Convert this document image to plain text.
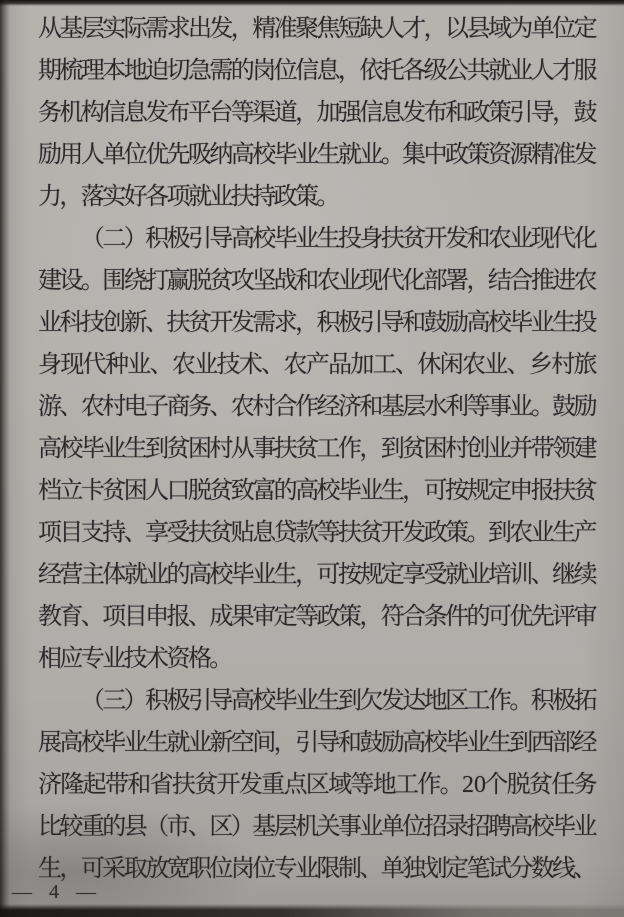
从
基
层
实
际
需
求
出
发
，
精
准
聚
焦
短
缺
人
才
，
以
县
域
为
单
位
定
期
梳
理
本
地
迫
切
急
需
的
岗
位
信
息
，
依
托
各
级
公
共
就
业
人
才
服
务
机
构
信
息
发
布
平
台
等
渠
道
，
加
强
信
息
发
布
和
政
策
引
导
，
鼓
励
用
人
单
位
优
先
吸
纳
高
校
毕
业
生
就
业
。
集
中
政
策
资
源
精
准
发
力
，
落
实
好
各
项
就
业
扶
持
政
策
。
（
二
）
积
极
引
导
高
校
毕
业
生
投
身
扶
贫
开
发
和
农
业
现
代
化
建
设
。
围
绕
打
赢
脱
贫
攻
坚
战
和
农
业
现
代
化
部
署
，
结
合
推
进
农
业
科
技
创
新
、
扶
贫
开
发
需
求
，
积
极
引
导
和
鼓
励
高
校
毕
业
生
投
身
现
代
种
业
、
农
业
技
术
、
农
产
品
加
工
、
休
闲
农
业
、
乡
村
旅
游
、
农
村
电
子
商
务
、
农
村
合
作
经
济
和
基
层
水
利
等
事
业
。
鼓
励
高
校
毕
业
生
到
贫
困
村
从
事
扶
贫
工
作
，
到
贫
困
村
创
业
并
带
领
建
档
立
卡
贫
困
人
口
脱
贫
致
富
的
高
校
毕
业
生
，
可
按
规
定
申
报
扶
贫
项
目
支
持
、
享
受
扶
贫
贴
息
贷
款
等
扶
贫
开
发
政
策
。
到
农
业
生
产
经
营
主
体
就
业
的
高
校
毕
业
生
，
可
按
规
定
享
受
就
业
培
训
、
继
续
教
育
、
项
目
申
报
、
成
果
审
定
等
政
策
，
符
合
条
件
的
可
优
先
评
审
相
应
专
业
技
术
资
格
。
（
三
）
积
极
引
导
高
校
毕
业
生
到
欠
发
达
地
区
工
作
。
积
极
拓
展
高
校
毕
业
生
就
业
新
空
间
，
引
导
和
鼓
励
高
校
毕
业
生
到
西
部
经
济
隆
起
带
和
省
扶
贫
开
发
重
点
区
域
等
地
工
作
。
20
个
脱
贫
任
务
比
较
重
的
县
（
市
、
区
）
基
层
机
关
事
业
单
位
招
录
招
聘
高
校
毕
业
生
，
可
采
取
放
宽
职
位
岗
位
专
业
限
制
、
单
独
划
定
笔
试
分
数
线
、
— 4 —
